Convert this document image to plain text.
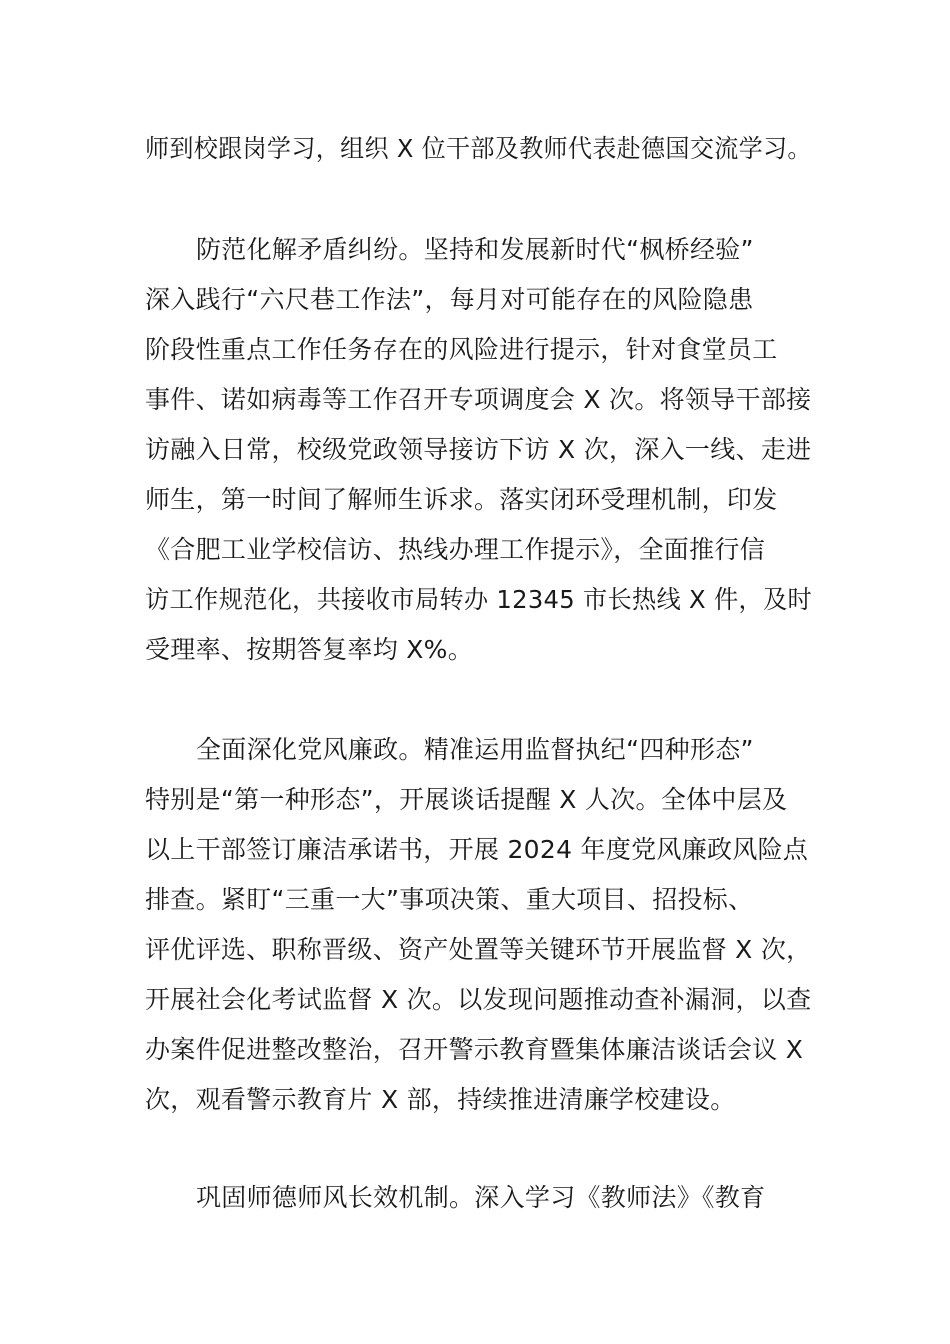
师到校跟岗学习，组织 X 位干部及教师代表赴德国交流学习。
防范化解矛盾纠纷。坚持和发展新时代“枫桥经验”
深入践行“六尺巷工作法”，每月对可能存在的风险隐患
阶段性重点工作任务存在的风险进行提示，针对食堂员工
事件、诺如病毒等工作召开专项调度会 X 次。将领导干部接
访融入日常，校级党政领导接访下访 X 次，深入一线、走进
师生，第一时间了解师生诉求。落实闭环受理机制，印发
《合肥工业学校信访、热线办理工作提示》，全面推行信
访工作规范化，共接收市局转办 12345 市长热线 X 件，及时
受理率、按期答复率均 X%。
全面深化党风廉政。精准运用监督执纪“四种形态”
特别是“第一种形态”，开展谈话提醒 X 人次。全体中层及
以上干部签订廉洁承诺书，开展 2024 年度党风廉政风险点
排查。紧盯“三重一大”事项决策、重大项目、招投标、
评优评选、职称晋级、资产处置等关键环节开展监督 X 次，
开展社会化考试监督 X 次。以发现问题推动查补漏洞，以查
办案件促进整改整治，召开警示教育暨集体廉洁谈话会议 X
次，观看警示教育片 X 部，持续推进清廉学校建设。
巩固师德师风长效机制。深入学习《教师法》《教育
